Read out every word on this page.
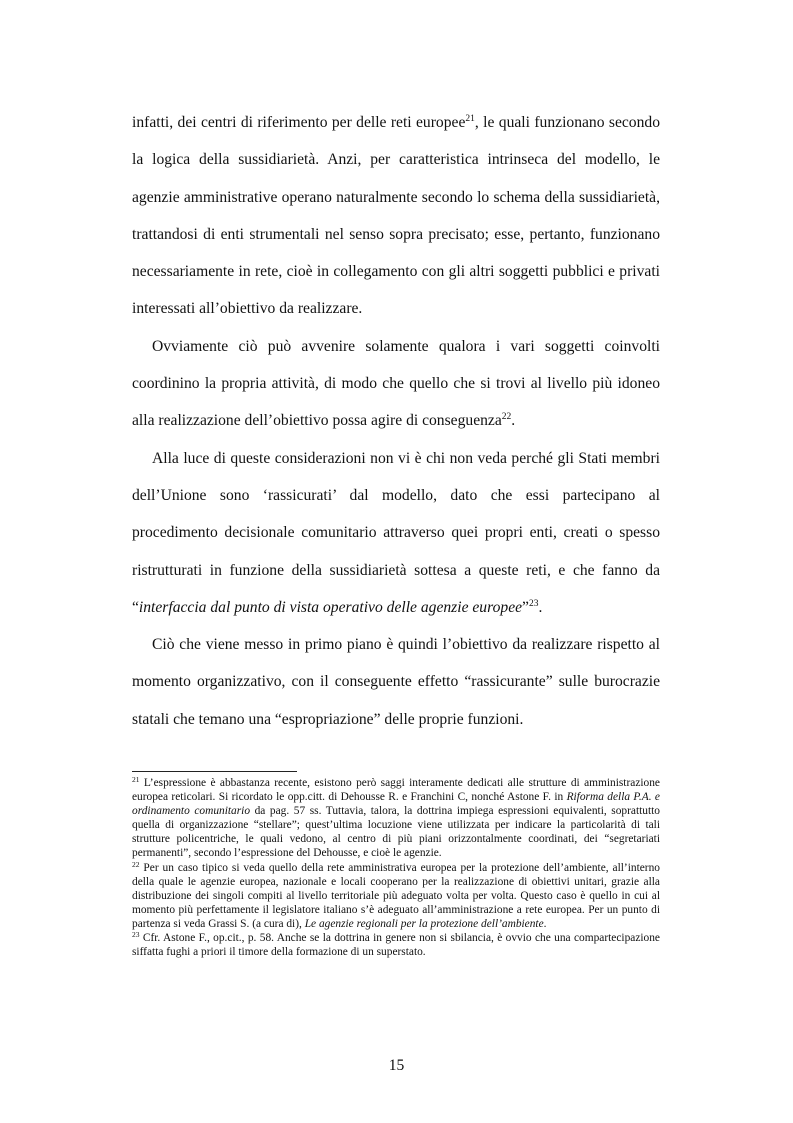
infatti, dei centri di riferimento per delle reti europee$^{21}$, le quali funzionano secondo la logica della sussidiarietà. Anzi, per caratteristica intrinseca del modello, le agenzie amministrative operano naturalmente secondo lo schema della sussidiarietà, trattandosi di enti strumentali nel senso sopra precisato; esse, pertanto, funzionano necessariamente in rete, cioè in collegamento con gli altri soggetti pubblici e privati interessati all’obiettivo da realizzare.

Ovviamente ciò può avvenire solamente qualora i vari soggetti coinvolti coordinino la propria attività, di modo che quello che si trovi al livello più idoneo alla realizzazione dell’obiettivo possa agire di conseguenza$^{22}$.

Alla luce di queste considerazioni non vi è chi non veda perché gli Stati membri dell’Unione sono ‘rassicurati’ dal modello, dato che essi partecipano al procedimento decisionale comunitario attraverso quei propri enti, creati o spesso ristrutturati in funzione della sussidiarietà sottesa a queste reti, e che fanno da “interfaccia dal punto di vista operativo delle agenzie europee”$^{23}$.

Ciò che viene messo in primo piano è quindi l’obiettivo da realizzare rispetto al momento organizzativo, con il conseguente effetto “rassicurante” sulle burocrazie statali che temano una “espropriazione” delle proprie funzioni.

$^{21}$ L’espressione è abbastanza recente, esistono però saggi interamente dedicati alle strutture di amministrazione europea reticolari. Si ricordato le opp.citt. di Dehousse R. e Franchini C, nonché Astone F. in Riforma della P.A. e ordinamento comunitario da pag. 57 ss. Tuttavia, talora, la dottrina impiega espressioni equivalenti, soprattutto quella di organizzazione “stellare”; quest’ultima locuzione viene utilizzata per indicare la particolarità di tali strutture policentriche, le quali vedono, al centro di più piani orizzontalmente coordinati, dei “segretariati permanenti”, secondo l’espressione del Dehousse, e cioè le agenzie.

$^{22}$ Per un caso tipico si veda quello della rete amministrativa europea per la protezione dell’ambiente, all’interno della quale le agenzie europea, nazionale e locali cooperano per la realizzazione di obiettivi unitari, grazie alla distribuzione dei singoli compiti al livello territoriale più adeguato volta per volta. Questo caso è quello in cui al momento più perfettamente il legislatore italiano s’è adeguato all’amministrazione a rete europea. Per un punto di partenza si veda Grassi S. (a cura di), Le agenzie regionali per la protezione dell’ambiente.

$^{23}$ Cfr. Astone F., op.cit., p. 58. Anche se la dottrina in genere non si sbilancia, è ovvio che una compartecipazione siffatta fughi a priori il timore della formazione di un superstato.

15
